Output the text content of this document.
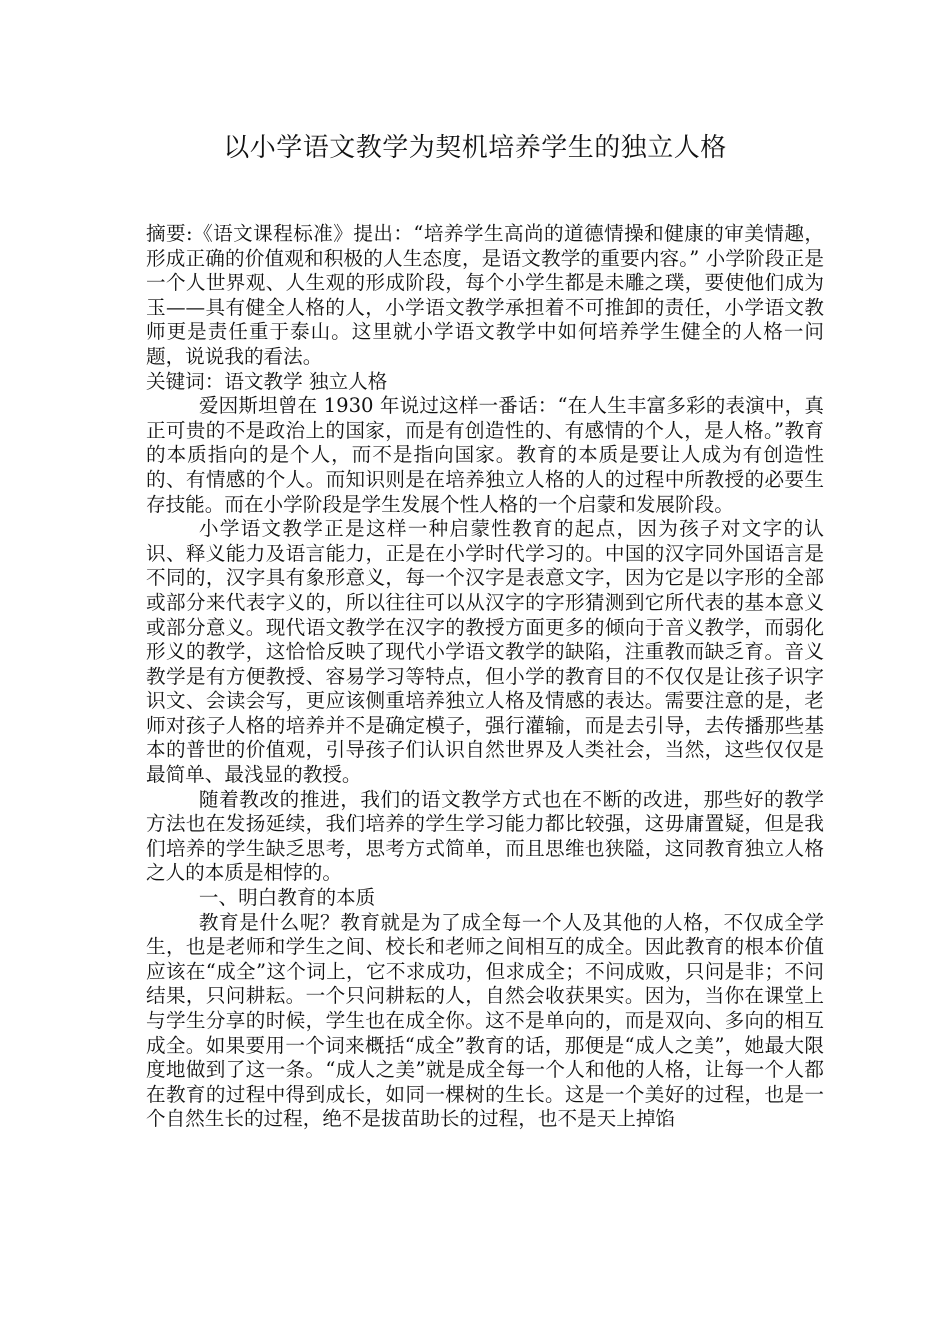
以小学语文教学为契机培养学生的独立人格

摘要:《语文课程标准》提出：“培养学生高尚的道德情操和健康的审美情趣，形成正确的价值观和积极的人生态度，是语文教学的重要内容。” 小学阶段正是一个人世界观、人生观的形成阶段，每个小学生都是未雕之璞，要使他们成为玉——具有健全人格的人，小学语文教学承担着不可推卸的责任，小学语文教师更是责任重于泰山。这里就小学语文教学中如何培养学生健全的人格一问题，说说我的看法。

关键词：语文教学 独立人格

爱因斯坦曾在 1930 年说过这样一番话：“在人生丰富多彩的表演中，真正可贵的不是政治上的国家，而是有创造性的、有感情的个人，是人格。”教育的本质指向的是个人，而不是指向国家。教育的本质是要让人成为有创造性的、有情感的个人。而知识则是在培养独立人格的人的过程中所教授的必要生存技能。而在小学阶段是学生发展个性人格的一个启蒙和发展阶段。

小学语文教学正是这样一种启蒙性教育的起点，因为孩子对文字的认识、释义能力及语言能力，正是在小学时代学习的。中国的汉字同外国语言是不同的，汉字具有象形意义，每一个汉字是表意文字，因为它是以字形的全部或部分来代表字义的，所以往往可以从汉字的字形猜测到它所代表的基本意义或部分意义。现代语文教学在汉字的教授方面更多的倾向于音义教学，而弱化形义的教学，这恰恰反映了现代小学语文教学的缺陷，注重教而缺乏育。音义教学是有方便教授、容易学习等特点，但小学的教育目的不仅仅是让孩子识字识文、会读会写，更应该侧重培养独立人格及情感的表达。需要注意的是，老师对孩子人格的培养并不是确定模子，强行灌输，而是去引导，去传播那些基本的普世的价值观，引导孩子们认识自然世界及人类社会，当然，这些仅仅是最简单、最浅显的教授。

随着教改的推进，我们的语文教学方式也在不断的改进，那些好的教学方法也在发扬延续，我们培养的学生学习能力都比较强，这毋庸置疑，但是我们培养的学生缺乏思考，思考方式简单，而且思维也狭隘，这同教育独立人格之人的本质是相悖的。

一、明白教育的本质

教育是什么呢？教育就是为了成全每一个人及其他的人格，不仅成全学生，也是老师和学生之间、校长和老师之间相互的成全。因此教育的根本价值应该在“成全”这个词上，它不求成功，但求成全；不问成败，只问是非；不问结果，只问耕耘。一个只问耕耘的人，自然会收获果实。因为，当你在课堂上与学生分享的时候，学生也在成全你。这不是单向的，而是双向、多向的相互成全。如果要用一个词来概括“成全”教育的话，那便是“成人之美”，她最大限度地做到了这一条。“成人之美”就是成全每一个人和他的人格，让每一个人都在教育的过程中得到成长，如同一棵树的生长。这是一个美好的过程，也是一个自然生长的过程，绝不是拔苗助长的过程，也不是天上掉馅
